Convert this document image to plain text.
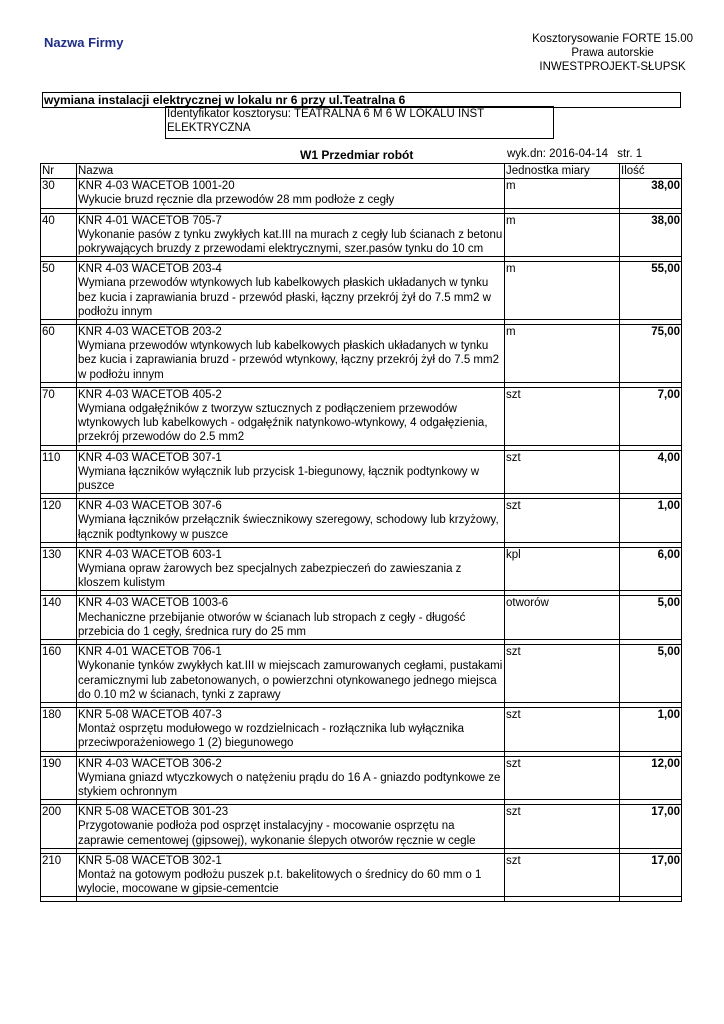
Nazwa Firmy	Kosztorysowanie FORTE 15.00
Prawa autorskie
INWESTPROJEKT-SŁUPSK
wymiana instalacji elektrycznej w lokalu nr 6 przy ul.Teatralna 6
Identyfikator kosztorysu: TEATRALNA 6 M 6 W LOKALU INST ELEKTRYCZNA
W1 Przedmiar robót	wyk.dn: 2016-04-14 str. 1
Nr	Nazwa	Jednostka miary	Ilość
30	KNR 4-03 WACETOB 1001-20
Wykucie bruzd ręcznie dla przewodów 28 mm podłoże z cegły	m	38,00

40	KNR 4-01 WACETOB 705-7
Wykonanie pasów z tynku zwykłych kat.III na murach z cegły lub ścianach z betonu pokrywających bruzdy z przewodami elektrycznymi, szer.pasów tynku do 10 cm	m	38,00

50	KNR 4-03 WACETOB 203-4
Wymiana przewodów wtynkowych lub kabelkowych płaskich układanych w tynku bez kucia i zaprawiania bruzd - przewód płaski, łączny przekrój żył do 7.5 mm2 w podłożu innym	m	55,00

60	KNR 4-03 WACETOB 203-2
Wymiana przewodów wtynkowych lub kabelkowych płaskich układanych w tynku bez kucia i zaprawiania bruzd - przewód wtynkowy, łączny przekrój żył do 7.5 mm2 w podłożu innym	m	75,00

70	KNR 4-03 WACETOB 405-2
Wymiana odgałęźników z tworzyw sztucznych z podłączeniem przewodów wtynkowych lub kabelkowych - odgałęźnik natynkowo-wtynkowy, 4 odgałęzienia, przekrój przewodów do 2.5 mm2	szt	7,00

110	KNR 4-03 WACETOB 307-1
Wymiana łączników wyłącznik lub przycisk 1-biegunowy, łącznik podtynkowy w puszce	szt	4,00

120	KNR 4-03 WACETOB 307-6
Wymiana łączników przełącznik świecznikowy szeregowy, schodowy lub krzyżowy, łącznik podtynkowy w puszce	szt	1,00

130	KNR 4-03 WACETOB 603-1
Wymiana opraw żarowych bez specjalnych zabezpieczeń do zawieszania z kloszem kulistym	kpl	6,00

140	KNR 4-03 WACETOB 1003-6
Mechaniczne przebijanie otworów w ścianach lub stropach z cegły - długość przebicia do 1 cegły, średnica rury do 25 mm	otworów	5,00

160	KNR 4-01 WACETOB 706-1
Wykonanie tynków zwykłych kat.III w miejscach zamurowanych cegłami, pustakami ceramicznymi lub zabetonowanych, o powierzchni otynkowanego jednego miejsca do 0.10 m2 w ścianach, tynki z zaprawy	szt	5,00

180	KNR 5-08 WACETOB 407-3
Montaż osprzętu modułowego w rozdzielnicach - rozłącznika lub wyłącznika przeciwporażeniowego 1 (2) biegunowego	szt	1,00

190	KNR 4-03 WACETOB 306-2
Wymiana gniazd wtyczkowych o natężeniu prądu do 16 A - gniazdo podtynkowe ze stykiem ochronnym	szt	12,00

200	KNR 5-08 WACETOB 301-23
Przygotowanie podłoża pod osprzęt instalacyjny - mocowanie osprzętu na zaprawie cementowej (gipsowej), wykonanie ślepych otworów ręcznie w cegle	szt	17,00

210	KNR 5-08 WACETOB 302-1
Montaż na gotowym podłożu puszek p.t. bakelitowych o średnicy do 60 mm o 1 wylocie, mocowane w gipsie-cementcie	szt	17,00
